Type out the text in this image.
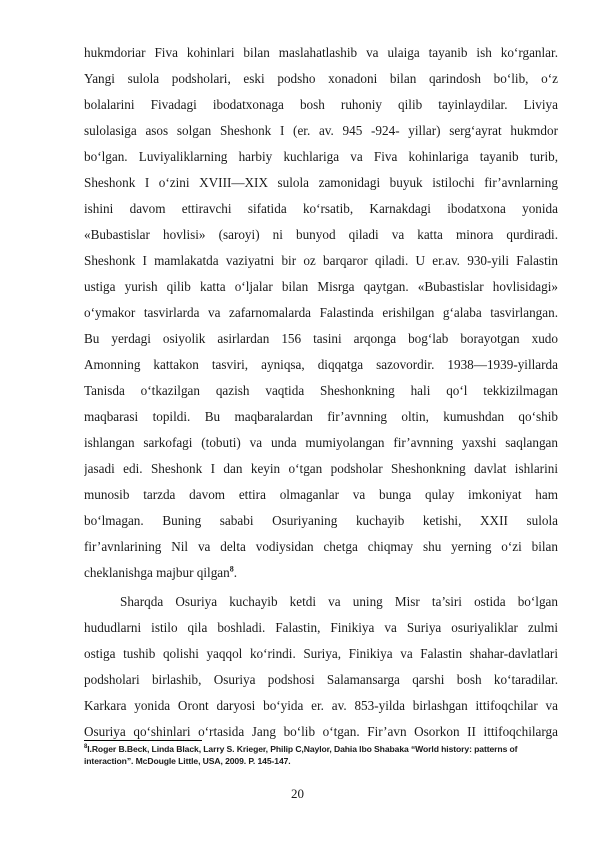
hukmdoriar Fiva kohinlari bilan maslahatlashib va ulaiga tayanib ish ko‘rganlar.
Yangi sulola podsholari, eski podsho xonadoni bilan qarindosh bo‘lib, o‘z
bolalarini Fivadagi ibodatxonaga bosh ruhoniy qilib tayinlaydilar. Liviya
sulolasiga asos solgan Sheshonk I (er. av. 945 -924- yillar) serg‘ayrat hukmdor
bo‘lgan. Luviyaliklarning harbiy kuchlariga va Fiva kohinlariga tayanib turib,
Sheshonk I o‘zini XVIII—XIX sulola zamonidagi buyuk istilochi fir’avnlarning
ishini davom ettiravchi sifatida ko‘rsatib, Karnakdagi ibodatxona yonida
«Bubastislar hovlisi» (saroyi) ni bunyod qiladi va katta minora qurdiradi.
Sheshonk I mamlakatda vaziyatni bir oz barqaror qiladi. U er.av. 930-yili Falastin
ustiga yurish qilib katta o‘ljalar bilan Misrga qaytgan. «Bubastislar hovlisidagi»
o‘ymakor tasvirlarda va zafarnomalarda Falastinda erishilgan g‘alaba tasvirlangan.
Bu yerdagi osiyolik asirlardan 156 tasini arqonga bog‘lab borayotgan xudo
Amonning kattakon tasviri, ayniqsa, diqqatga sazovordir. 1938—1939-yillarda
Tanisda o‘tkazilgan qazish vaqtida Sheshonkning hali qo‘l tekkizilmagan
maqbarasi topildi. Bu maqbaralardan fir’avnning oltin, kumushdan qo‘shib
ishlangan sarkofagi (tobuti) va unda mumiyolangan fir’avnning yaxshi saqlangan
jasadi edi. Sheshonk I dan keyin o‘tgan podsholar Sheshonkning davlat ishlarini
munosib tarzda davom ettira olmaganlar va bunga qulay imkoniyat ham
bo‘lmagan. Buning sababi Osuriyaning kuchayib ketishi, XXII sulola
fir’avnlarining Nil va delta vodiysidan chetga chiqmay shu yerning o‘zi bilan
cheklanishga majbur qilgan$^8$.
Sharqda Osuriya kuchayib ketdi va uning Misr ta’siri ostida bo‘lgan
hududlarni istilo qila boshladi. Falastin, Finikiya va Suriya osuriyaliklar zulmi
ostiga tushib qolishi yaqqol ko‘rindi. Suriya, Finikiya va Falastin shahar-davlatlari
podsholari birlashib, Osuriya podshosi Salamansarga qarshi bosh ko‘taradilar.
Karkara yonida Oront daryosi bo‘yida er. av. 853-yilda birlashgan ittifoqchilar va
Osuriya qo‘shinlari o‘rtasida Jang bo‘lib o‘tgan. Fir’avn Osorkon II ittifoqchilarga
$^8$I.Roger B.Beck, Linda Black, Larry S. Krieger, Philip C,Naylor, Dahia Ibo Shabaka “World history: patterns of
interaction”. McDougle Little, USA, 2009. P. 145-147.
20
